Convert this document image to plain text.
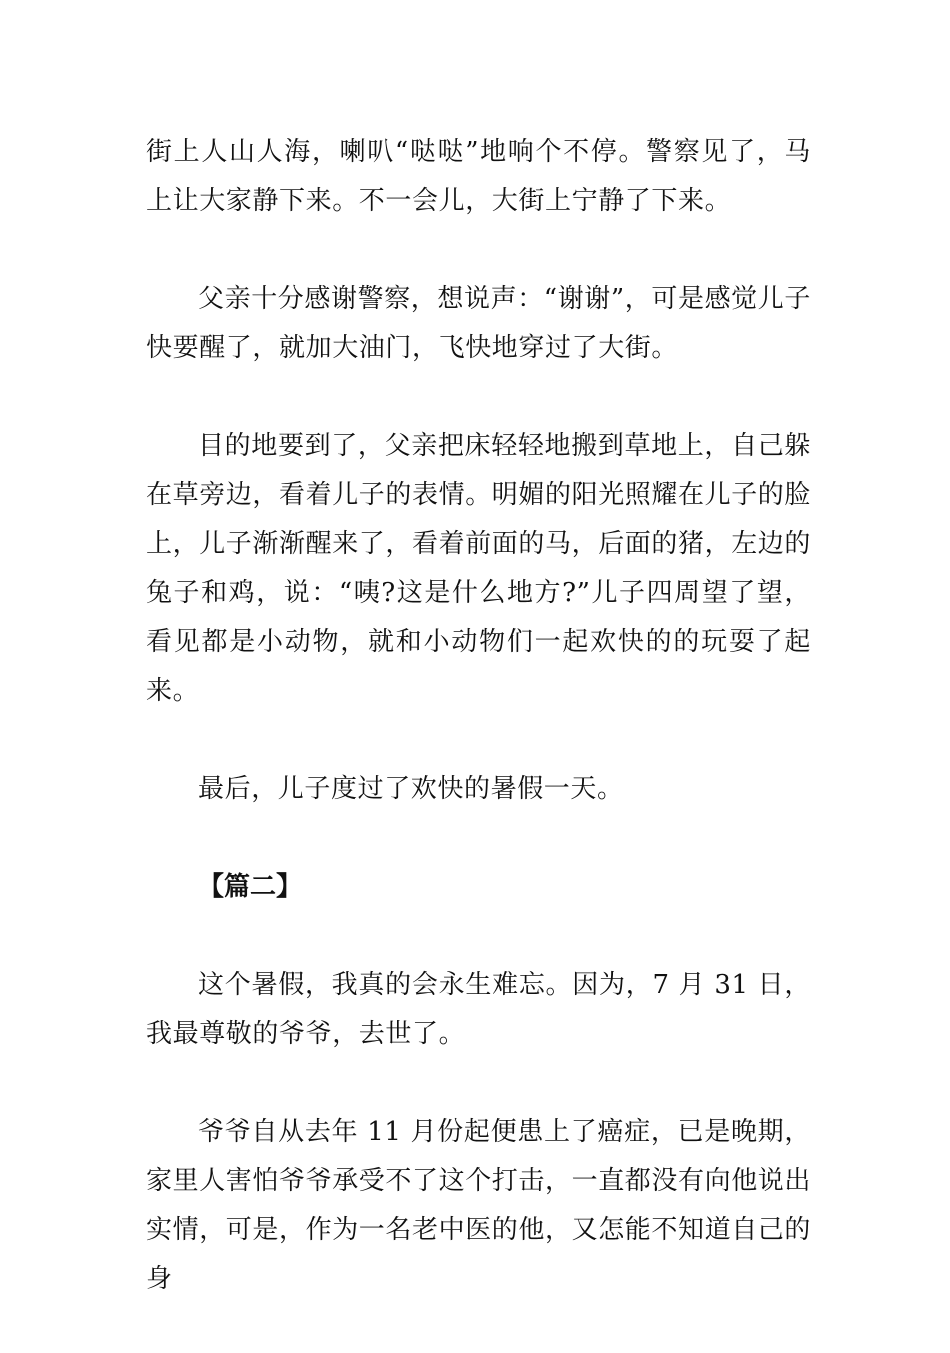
街上人山人海，喇叭“哒哒”地响个不停。警察见了，马上让大家静下来。不一会儿，大街上宁静了下来。

父亲十分感谢警察，想说声：“谢谢”，可是感觉儿子快要醒了，就加大油门，飞快地穿过了大街。

目的地要到了，父亲把床轻轻地搬到草地上，自己躲在草旁边，看着儿子的表情。明媚的阳光照耀在儿子的脸上，儿子渐渐醒来了，看着前面的马，后面的猪，左边的兔子和鸡，说：“咦?这是什么地方?”儿子四周望了望，看见都是小动物，就和小动物们一起欢快的的玩耍了起来。

最后，儿子度过了欢快的暑假一天。

【篇二】

这个暑假，我真的会永生难忘。因为，7 月 31 日，我最尊敬的爷爷，去世了。

爷爷自从去年 11 月份起便患上了癌症，已是晚期，家里人害怕爷爷承受不了这个打击，一直都没有向他说出实情，可是，作为一名老中医的他，又怎能不知道自己的身
